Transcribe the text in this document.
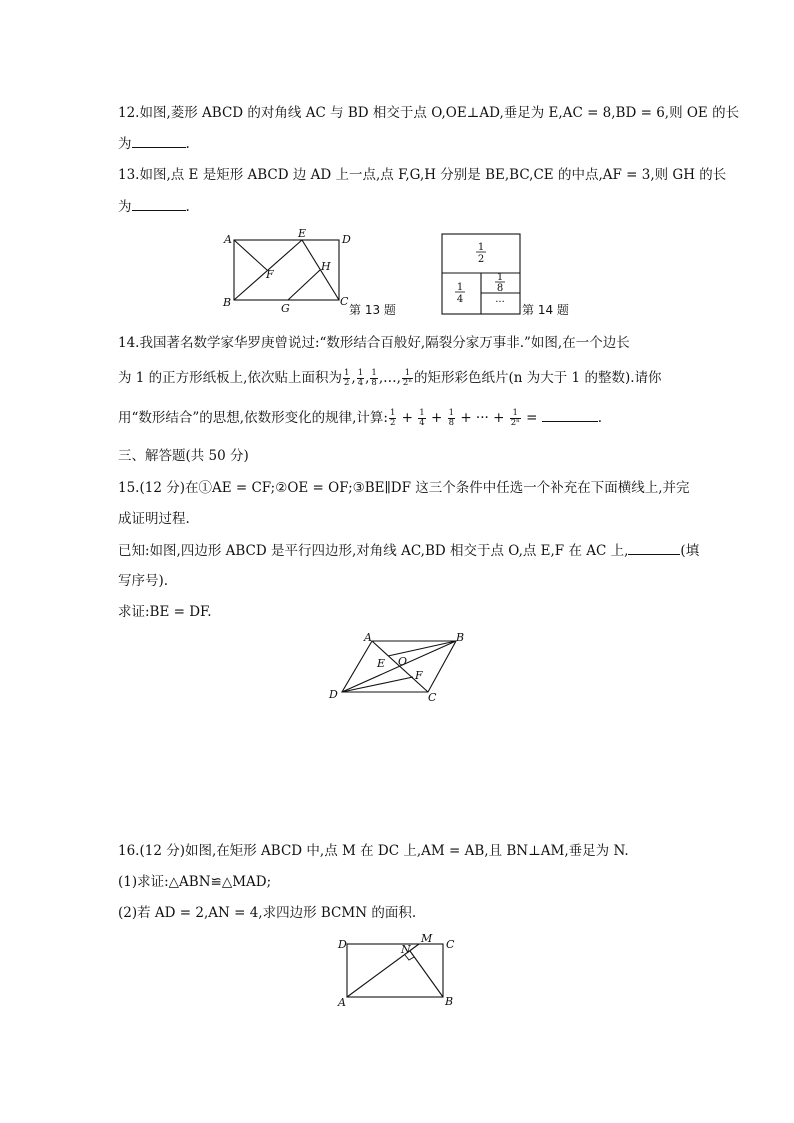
12.如图,菱形 ABCD 的对角线 AC 与 BD 相交于点 O,OE⊥AD,垂足为 E,AC = 8,BD = 6,则 OE 的长
为	.
13.如图,点 E 是矩形 ABCD 边 AD 上一点,点 F,G,H 分别是 BE,BC,CE 的中点,AF = 3,则 GH 的长
为	.
A	E	D
F
H
B	G
C
第 13 题
1
2
1
4
1
8
···
第 14 题
14.我国著名数学家华罗庚曾说过:“数形结合百般好,隔裂分家万事非.”如图,在一个边长
为 1 的正方形纸板上,依次贴上面积为 $\frac{1}{2}$ , $\frac{1}{4}$ , $\frac{1}{8}$ ,…, $\frac{1}{\text{2ⁿ}}$ 的矩形彩色纸片(n 为大于 1 的整数).请你
用“数形结合”的思想,依数形变化的规律,计算: $\frac{1}{2} + \frac{1}{4} + \frac{1}{8}$ + ··· + $\frac{1}{\text{2ⁿ}}$ =	.
三、解答题(共 50 分)
15.(12 分)在①AE = CF;②OE = OF;③BE∥DF 这三个条件中任选一个补充在下面横线上,并完
成证明过程.
已知:如图,四边形 ABCD 是平行四边形,对角线 AC,BD 相交于点 O,点 E,F 在 AC 上,	(填
写序号).
求证:BE = DF.
A	B
E O
F
D	C
16.(12 分)如图,在矩形 ABCD 中,点 M 在 DC 上,AM = AB,且 BN⊥AM,垂足为 N.
(1)求证:△ABN≌△MAD;
(2)若 AD = 2,AN = 4,求四边形 BCMN 的面积.
D	N
M C
A	B
